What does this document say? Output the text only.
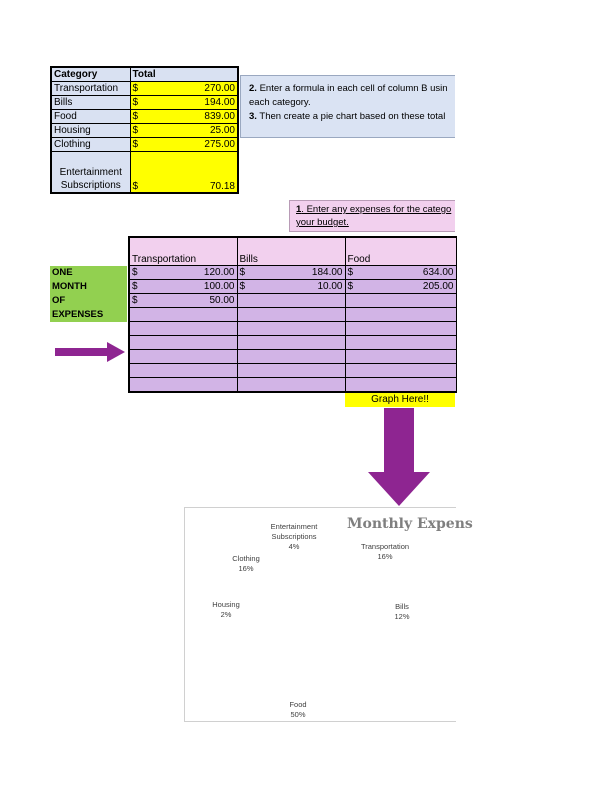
Category	Total
Transportation	$ 270.00

Bills	$ 194.00

Food	$ 839.00

Housing	$ 25.00

Clothing	$ 275.00

Entertainment
Subscriptions	$ 70.18
2. Enter a formula in each cell of column B usin
each category.
3. Then create a pie chart based on these total
1. Enter any expenses for the catego
your budget.
Transportation	Bills	Food

$ 120.00	$ 184.00	$ 634.00

$ 100.00	$ 10.00	$ 205.00

$ 50.00		

ONE
MONTH
OF
EXPENSES
Graph Here!!
Monthly Expens
Entertainment
Subscriptions
4%	Transportation
16%
Clothing
16%
Housing
2%
Bills
12%
Food
50%
